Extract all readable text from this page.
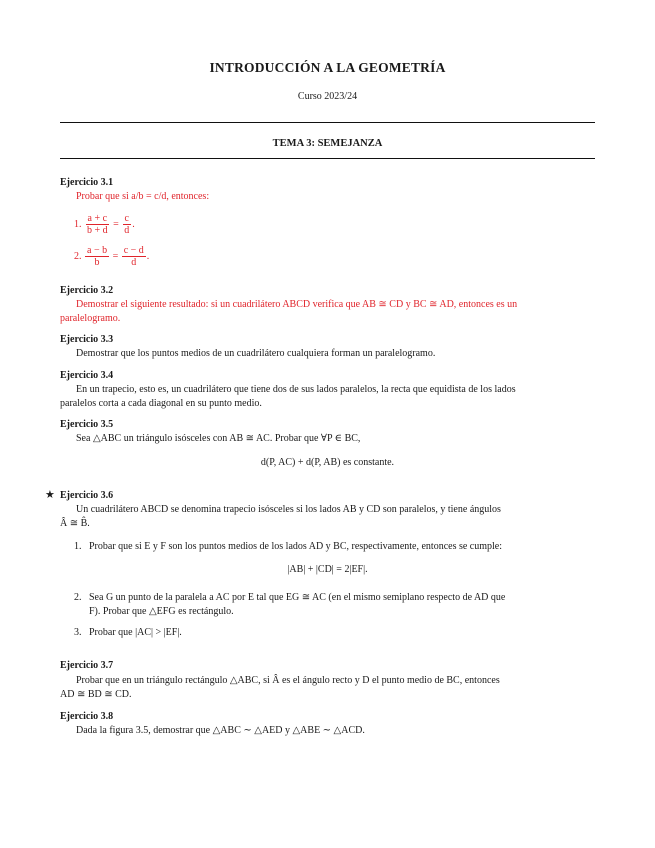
INTRODUCCIÓN A LA GEOMETRÍA
Curso 2023/24
TEMA 3: SEMEJANZA

Ejercicio 3.1

Probar que si a/b = c/d, entonces:
1. $\frac{a + c}{b + d} = \frac{c}{d}$ .
2. $\frac{a - b}{b} = \frac{c - d}{d}$ .

Ejercicio 3.2

Demostrar el siguiente resultado: si un cuadrilátero ABCD verifica que AB ≅ CD y BC ≅ AD, entonces es un
paralelogramo.

Ejercicio 3.3

Demostrar que los puntos medios de un cuadrilátero cualquiera forman un paralelogramo.

Ejercicio 3.4

En un trapecio, esto es, un cuadrilátero que tiene dos de sus lados paralelos, la recta que equidista de los lados
paralelos corta a cada diagonal en su punto medio.

Ejercicio 3.5

Sea △ABC un triángulo isósceles con AB ≅ AC. Probar que ∀P ∈ BC,
d(P, AC) + d(P, AB) es constante.
★ Ejercicio 3.6

Un cuadrilátero ABCD se denomina trapecio isósceles si los lados AB y CD son paralelos, y tiene ángulos
Â ≅ B̂.
1. Probar que si E y F son los puntos medios de los lados AD y BC, respectivamente, entonces se cumple:
|AB| + |CD| = 2|EF|.
2. Sea G un punto de la paralela a AC por E tal que EG ≅ AC (en el mismo semiplano respecto de AD que
F). Probar que △EFG es rectángulo.
3. Probar que |AC| > |EF|.

Ejercicio 3.7

Probar que en un triángulo rectángulo △ABC, si Â es el ángulo recto y D el punto medio de BC, entonces
AD ≅ BD ≅ CD.

Ejercicio 3.8

Dada la figura 3.5, demostrar que △ABC ∼ △AED y △ABE ∼ △ACD.
